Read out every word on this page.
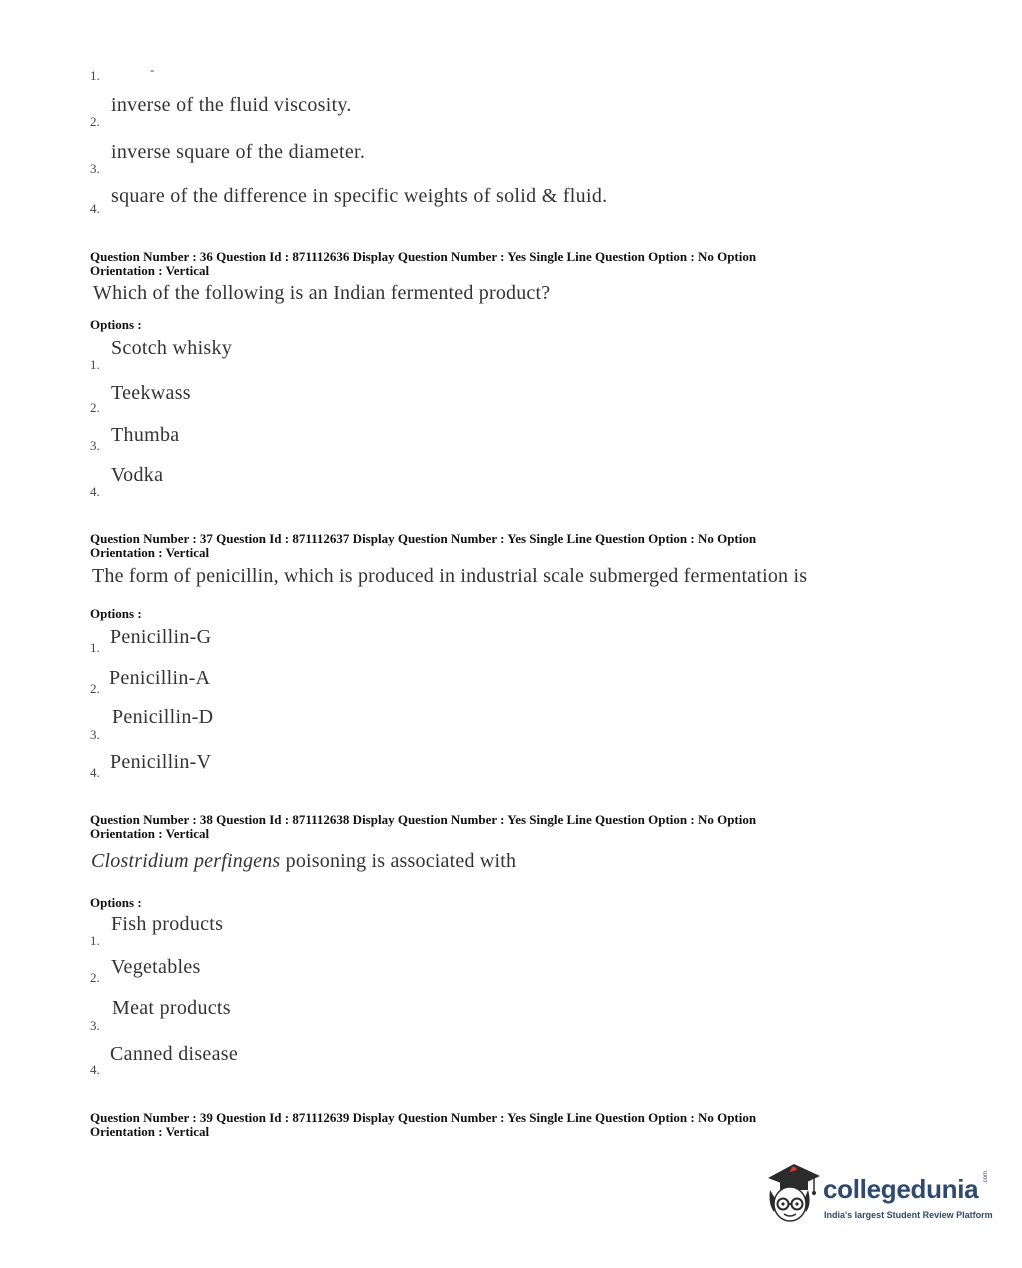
1.	-
2.
inverse of the fluid viscosity.
3.
inverse square of the diameter.
4.
square of the difference in specific weights of solid & fluid.
Question Number : 36 Question Id : 871112636 Display Question Number : Yes Single Line Question Option : No Option
Orientation : Vertical
Which of the following is an Indian fermented product?
Options :
1.
Scotch whisky
2.
Teekwass
3. Thumba
4.
Vodka
Question Number : 37 Question Id : 871112637 Display Question Number : Yes Single Line Question Option : No Option
Orientation : Vertical
The form of penicillin, which is produced in industrial scale submerged fermentation is
Options :
1. Penicillin-G
2. Penicillin-A
3.
Penicillin-D
4. Penicillin-V
Question Number : 38 Question Id : 871112638 Display Question Number : Yes Single Line Question Option : No Option
Orientation : Vertical
Clostridium perfingens poisoning is associated with
Options :
1.
Fish products
2. Vegetables
3.
Meat products
4.
Canned disease
Question Number : 39 Question Id : 871112639 Display Question Number : Yes Single Line Question Option : No Option
Orientation : Vertical
collegedunia .com
India's largest Student Review Platform
